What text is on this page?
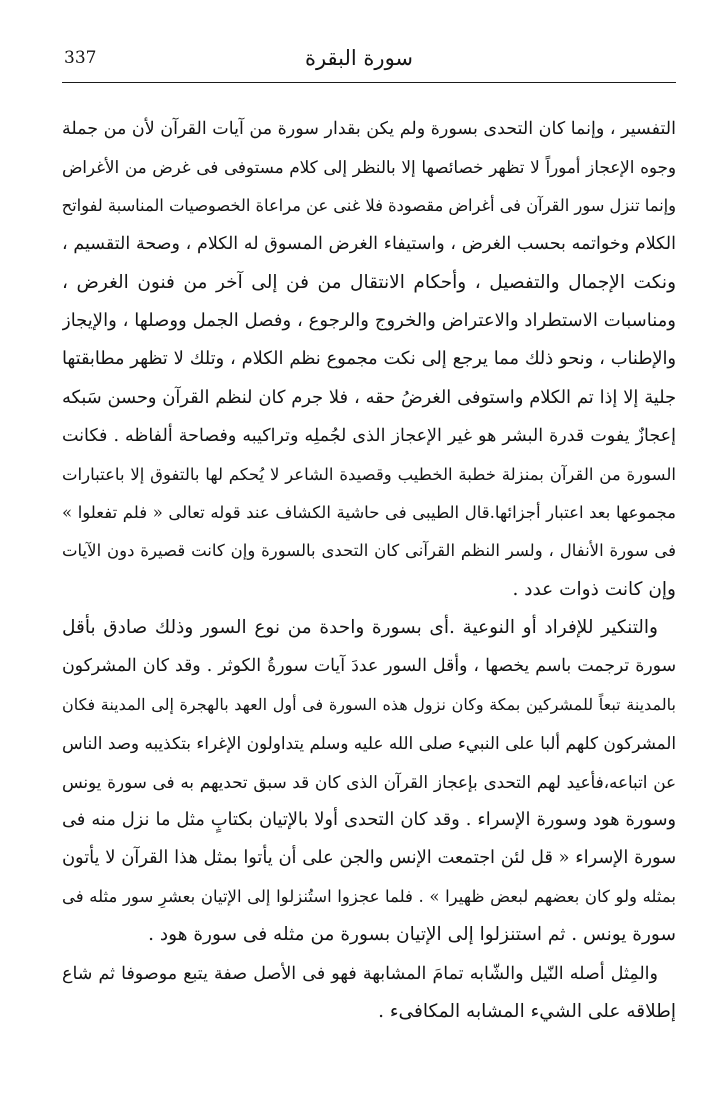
337	سورة البقرة
التفسير ، وإنما كان التحدى بسورة ولم يكن بقدار سورة من آيات القرآن لأن من جملة
وجوه الإعجاز أموراً لا تظهر خصائصها إلا بالنظر إلى كلام مستوفى فى غرض من الأغراض
وإنما تنزل سور القرآن فى أغراض مقصودة فلا غنى عن مراعاة الخصوصيات المناسبة لفواتح
الكلام وخواتمه بحسب الغرض ، واستيفاء الغرض المسوق له الكلام ، وصحة التقسيم ،
ونكت الإجمال والتفصيل ، وأحكام الانتقال من فن إلى آخر من فنون الغرض ،
ومناسبات الاستطراد والاعتراض والخروج والرجوع ، وفصل الجمل ووصلها ، والإيجاز
والإطناب ، ونحو ذلك مما يرجع إلى نكت مجموع نظم الكلام ، وتلك لا تظهر مطابقتها
جلية إلا إذا تم الكلام واستوفى الغرضُ حقه ، فلا جرم كان لنظم القرآن وحسن سَبكه
إعجازٌ يفوت قدرة البشر هو غير الإعجاز الذى لجُملِه وتراكيبه وفصاحة ألفاظه . فكانت
السورة من القرآن بمنزلة خطبة الخطيب وقصيدة الشاعر لا يُحكم لها بالتفوق إلا باعتبارات
مجموعها بعد اعتبار أجزائها.قال الطيبى فى حاشية الكشاف عند قوله تعالى « فلم تفعلوا »
فى سورة الأنفال ، ولسر النظم القرآنى كان التحدى بالسورة وإن كانت قصيرة دون الآيات
وإن كانت ذوات عدد .
والتنكير للإفراد أو النوعية .أى بسورة واحدة من نوع السور وذلك صادق بأقل
سورة ترجمت باسم يخصها ، وأقل السور عددَ آيات سورةُ الكوثر . وقد كان المشركون
بالمدينة تبعاً للمشركين بمكة وكان نزول هذه السورة فى أول العهد بالهجرة إلى المدينة فكان
المشركون كلهم ألبا على النبيء صلى الله عليه وسلم يتداولون الإغراء بتكذيبه وصد الناس
عن اتباعه،فأعيد لهم التحدى بإعجاز القرآن الذى كان قد سبق تحديهم به فى سورة يونس
وسورة هود وسورة الإسراء . وقد كان التحدى أولا بالإتيان بكتابٍ مثل ما نزل منه فى
سورة الإسراء « قل لئن اجتمعت الإنس والجن على أن يأتوا بمثل هذا القرآن لا يأتون
بمثله ولو كان بعضهم لبعض ظهيرا » . فلما عجزوا استُنزلوا إلى الإتيان بعشرِ سور مثله فى
سورة يونس . ثم استنزلوا إلى الإتيان بسورة من مثله فى سورة هود .
والمِثل أصله النّيل والشّابه تمامَ المشابهة فهو فى الأصل صفة يتبع موصوفا ثم شاع
إطلاقه على الشيء المشابه المكافىء .
